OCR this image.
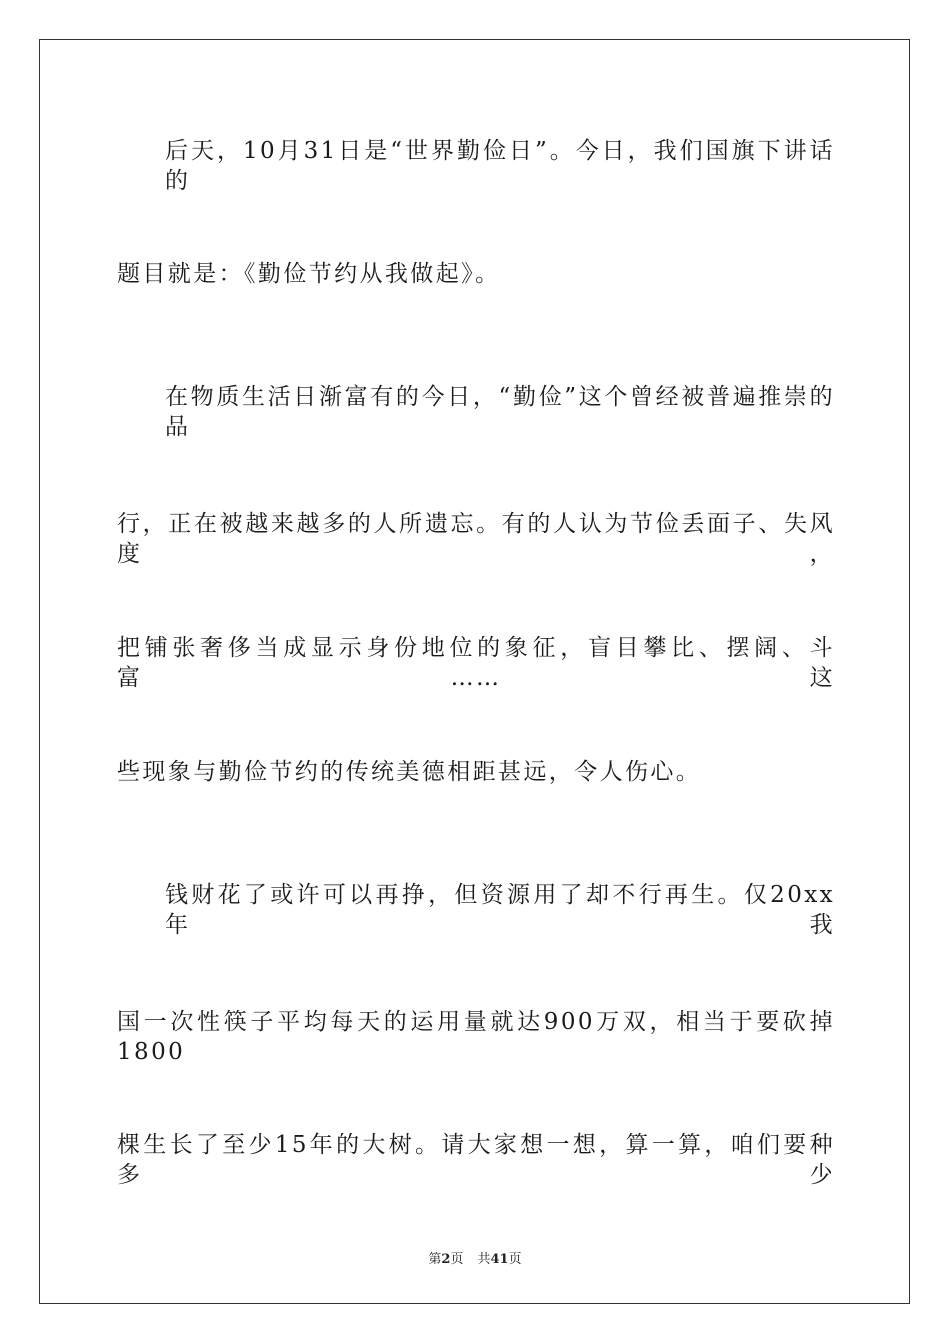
后天，10月31日是“世界勤俭日”。今日，我们国旗下讲话的
题目就是：《勤俭节约从我做起》。
在物质生活日渐富有的今日，“勤俭”这个曾经被普遍推崇的品
行，正在被越来越多的人所遗忘。有的人认为节俭丢面子、失风度，
把铺张奢侈当成显示身份地位的象征，盲目攀比、摆阔、斗富……这
些现象与勤俭节约的传统美德相距甚远，令人伤心。
钱财花了或许可以再挣，但资源用了却不行再生。仅20xx年我
国一次性筷子平均每天的运用量就达900万双，相当于要砍掉1800
棵生长了至少15年的大树。请大家想一想，算一算，咱们要种多少
第2页 共41页
